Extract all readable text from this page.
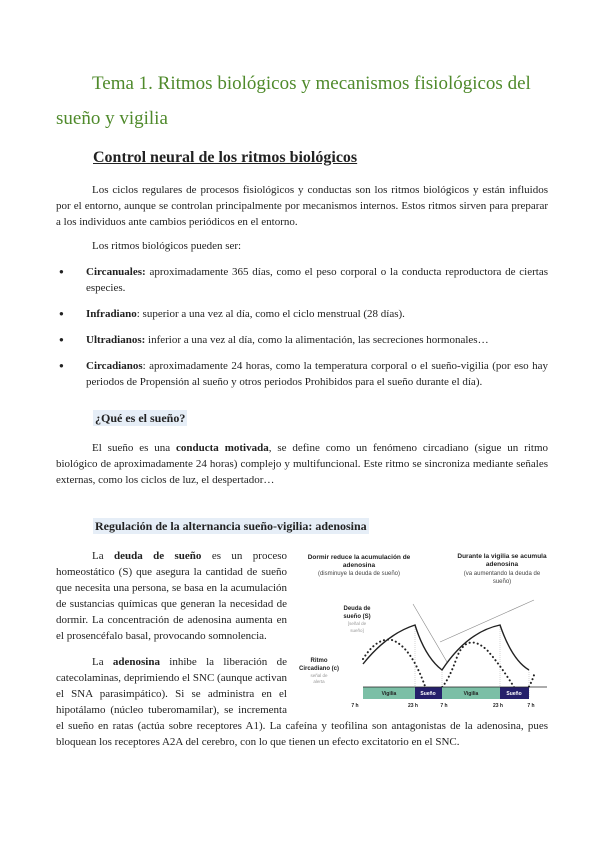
Tema 1. Ritmos biológicos y mecanismos fisiológicos del sueño y vigilia
Control neural de los ritmos biológicos
Los ciclos regulares de procesos fisiológicos y conductas son los ritmos biológicos y están influidos por el entorno, aunque se controlan principalmente por mecanismos internos. Estos ritmos sirven para preparar a los individuos ante cambios periódicos en el entorno.
Los ritmos biológicos pueden ser:
● Circanuales: aproximadamente 365 días, como el peso corporal o la conducta reproductora de ciertas especies.
● Infradiano: superior a una vez al día, como el ciclo menstrual (28 días).
● Ultradianos: inferior a una vez al día, como la alimentación, las secreciones hormonales…
● Circadianos: aproximadamente 24 horas, como la temperatura corporal o el sueño-vigilia (por eso hay periodos de Propensión al sueño y otros periodos Prohibidos para el sueño durante el día).
¿Qué es el sueño?
El sueño es una conducta motivada, se define como un fenómeno circadiano (sigue un ritmo biológico de aproximadamente 24 horas) complejo y multifuncional. Este ritmo se sincroniza mediante señales externas, como los ciclos de luz, el despertador…
Regulación de la alternancia sueño-vigilia: adenosina
Dormir reduce la acumulación de
adenosina
Durante la vigilia se acumula
adenosina
(disminuye la deuda de sueño)	(va aumentando la deuda de
sueño)
Deuda de
sueño (S)
Ritmo
Circadiano (c)
[señal de
sueño]
señal de
alerta
Vigilia	Sueño	Vigilia	Sueño
7 h	23 h	7 h	23 h	7 h
La deuda de sueño es un proceso homeostático (S) que asegura la cantidad de sueño que necesita una persona, se basa en la acumulación de sustancias químicas que generan la necesidad de dormir. La concentración de adenosina aumenta en el prosencéfalo basal, provocando somnolencia.
La adenosina inhibe la liberación de catecolaminas, deprimiendo el SNC (aunque activan el SNA parasimpático). Si se administra en el hipotálamo (núcleo tuberomamilar), se incrementa el sueño en ratas (actúa sobre receptores A1). La cafeína y teofilina son antagonistas de la adenosina, pues bloquean los receptores A2A del cerebro, con lo que tienen un efecto excitatorio en el SNC.
